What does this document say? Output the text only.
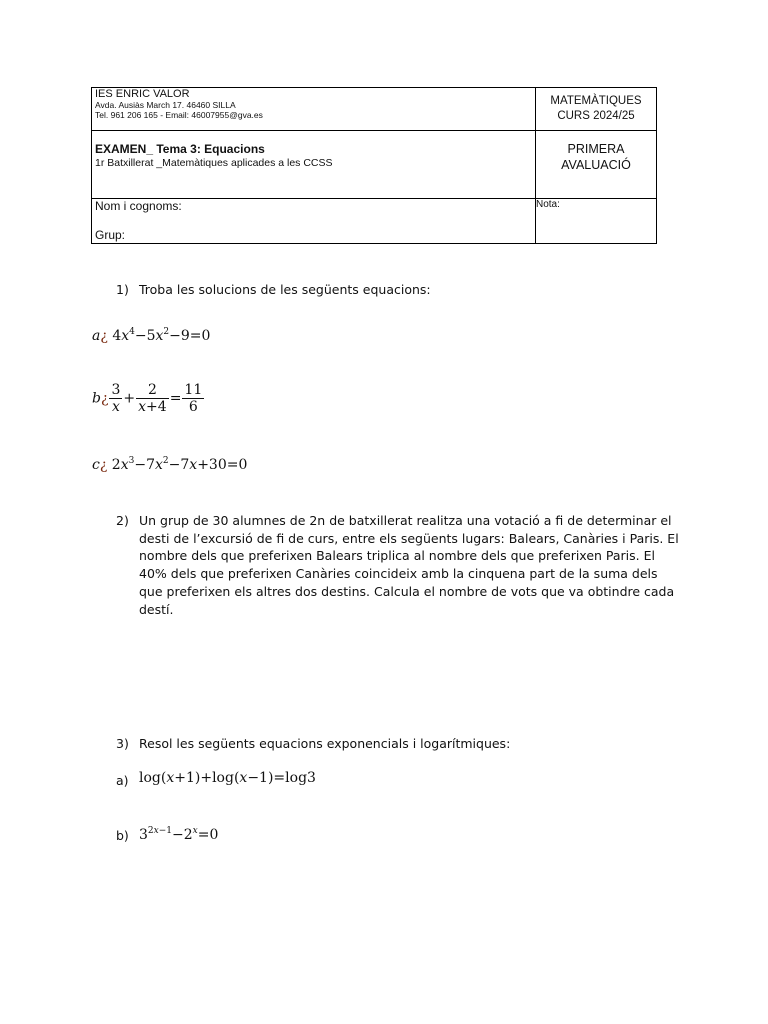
IES ENRIC VALOR
Avda. Ausiàs March 17. 46460 SILLA
Tel. 961 206 165 - Email: 46007955@gva.es	MATEMÀTIQUES
CURS 2024/25

EXAMEN_ Tema 3: Equacions
1r Batxillerat _Matemàtiques aplicades a les CCSS	PRIMERA
AVALUACIÓ

Nom i cognoms:
Grup:	Nota:
1) Troba les solucions de les següents equacions:
a¿ $4x^4-5x^2-9=0$
b¿ $\frac{3}{x} + \frac{2}{x+4} = \frac{11}{6}$
c¿ $2x^3-7x^2-7x+30=0$
2) Un grup de 30 alumnes de 2n de batxillerat realitza una votació a fi de determinar el desti de l’excursió de fi de curs, entre els següents lugars: Balears, Canàries i Paris. El nombre dels que preferixen Balears triplica al nombre dels que preferixen Paris. El 40% dels que preferixen Canàries coincideix amb la cinquena part de la suma dels que preferixen els altres dos destins. Calcula el nombre de vots que va obtindre cada destí.
3) Resol les següents equacions exponencials i logarítmiques:
a) log(x+1)+log(x−1)=log3
b) $3^{2x-1}-2^x=0$
